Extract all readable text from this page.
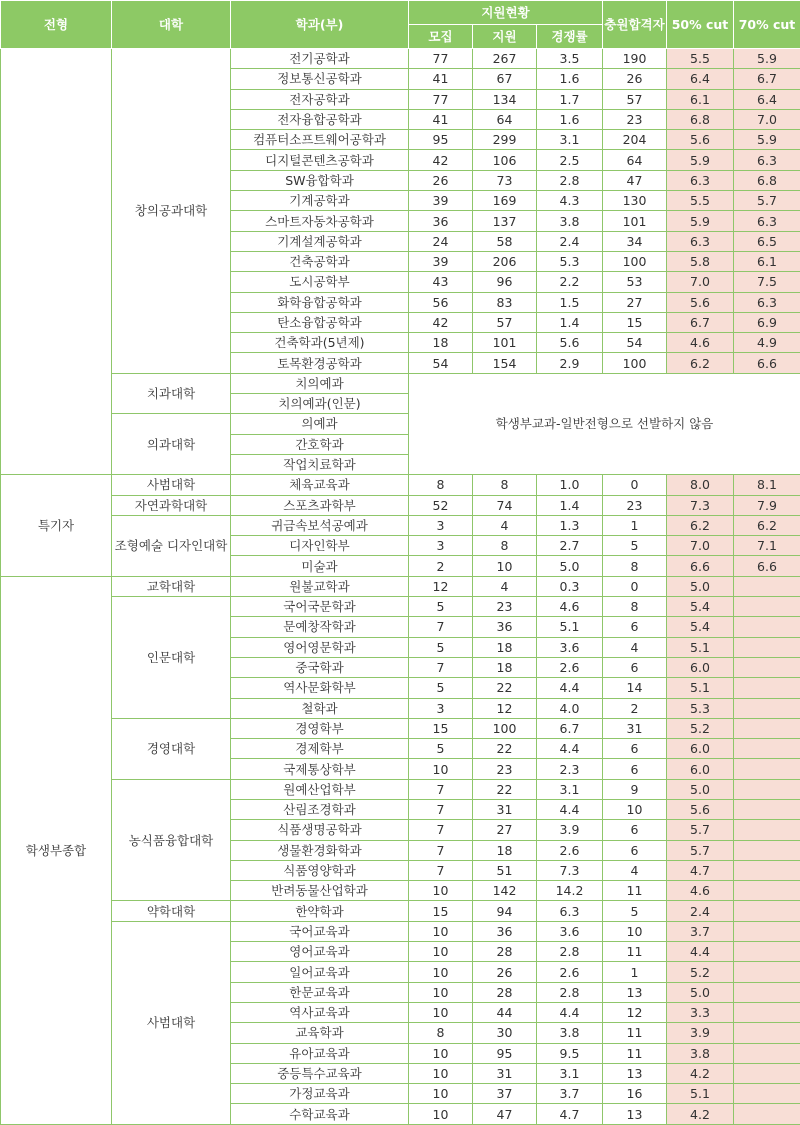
전형	대학	학과(부)	지원현황			충원합격자	50% cut	70% cut
			모집	지원	경쟁률			
	창의공과대학	전기공학과	77	267	3.5	190	5.5	5.9
		정보통신공학과	41	67	1.6	26	6.4	6.7
		전자공학과	77	134	1.7	57	6.1	6.4
		전자융합공학과	41	64	1.6	23	6.8	7.0
		컴퓨터소프트웨어공학과	95	299	3.1	204	5.6	5.9
		디지털콘텐츠공학과	42	106	2.5	64	5.9	6.3
		SW융합학과	26	73	2.8	47	6.3	6.8
		기계공학과	39	169	4.3	130	5.5	5.7
		스마트자동차공학과	36	137	3.8	101	5.9	6.3
		기계설계공학과	24	58	2.4	34	6.3	6.5
		건축공학과	39	206	5.3	100	5.8	6.1
		도시공학부	43	96	2.2	53	7.0	7.5
		화학융합공학과	56	83	1.5	27	5.6	6.3
		탄소융합공학과	42	57	1.4	15	6.7	6.9
		건축학과(5년제)	18	101	5.6	54	4.6	4.9
		토목환경공학과	54	154	2.9	100	6.2	6.6
	치과대학	치의예과	학생부교과-일반전형으로 선발하지 않음					
		치의예과(인문)						
	의과대학	의예과						
		간호학과						
		작업치료학과						
특기자	사범대학	체육교육과	8	8	1.0	0	8.0	8.1
	자연과학대학	스포츠과학부	52	74	1.4	23	7.3	7.9
	조형예술 디자인대학	귀금속보석공예과	3	4	1.3	1	6.2	6.2
		디자인학부	3	8	2.7	5	7.0	7.1
		미술과	2	10	5.0	8	6.6	6.6
학생부종합	교학대학	원불교학과	12	4	0.3	0	5.0	
	인문대학	국어국문학과	5	23	4.6	8	5.4	
		문예창작학과	7	36	5.1	6	5.4	
		영어영문학과	5	18	3.6	4	5.1	
		중국학과	7	18	2.6	6	6.0	
		역사문화학부	5	22	4.4	14	5.1	
		철학과	3	12	4.0	2	5.3	
	경영대학	경영학부	15	100	6.7	31	5.2	
		경제학부	5	22	4.4	6	6.0	
		국제통상학부	10	23	2.3	6	6.0	
	농식품융합대학	원예산업학부	7	22	3.1	9	5.0	
		산림조경학과	7	31	4.4	10	5.6	
		식품생명공학과	7	27	3.9	6	5.7	
		생물환경화학과	7	18	2.6	6	5.7	
		식품영양학과	7	51	7.3	4	4.7	
		반려동물산업학과	10	142	14.2	11	4.6	
	약학대학	한약학과	15	94	6.3	5	2.4	
	사범대학	국어교육과	10	36	3.6	10	3.7	
		영어교육과	10	28	2.8	11	4.4	
		일어교육과	10	26	2.6	1	5.2	
		한문교육과	10	28	2.8	13	5.0	
		역사교육과	10	44	4.4	12	3.3	
		교육학과	8	30	3.8	11	3.9	
		유아교육과	10	95	9.5	11	3.8	
		중등특수교육과	10	31	3.1	13	4.2	
		가정교육과	10	37	3.7	16	5.1	
		수학교육과	10	47	4.7	13	4.2	
